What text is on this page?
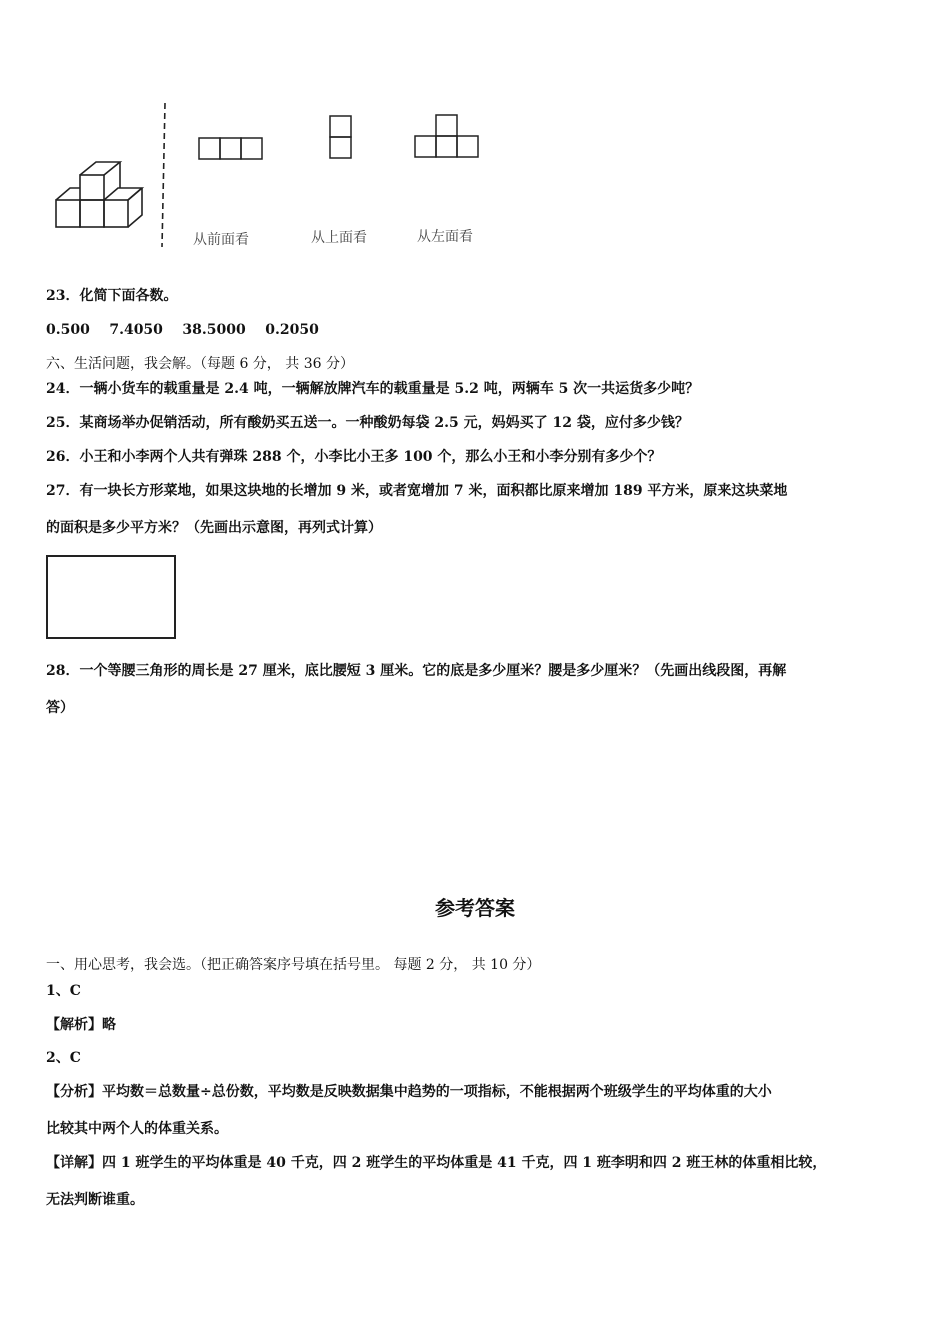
从前面看	从上面看	从左面看
23．化简下面各数。
0.500    7.4050    38.5000    0.2050
六、生活问题，我会解。（每题 6 分， 共 36 分）
24．一辆小货车的载重量是 2.4 吨，一辆解放牌汽车的载重量是 5.2 吨，两辆车 5 次一共运货多少吨？
25．某商场举办促销活动，所有酸奶买五送一。一种酸奶每袋 2.5 元，妈妈买了 12 袋，应付多少钱？
26．小王和小李两个人共有弹珠 288 个，小李比小王多 100 个，那么小王和小李分别有多少个？
27．有一块长方形菜地，如果这块地的长增加 9 米，或者宽增加 7 米，面积都比原来增加 189 平方米，原来这块菜地
的面积是多少平方米？（先画出示意图，再列式计算）
28．一个等腰三角形的周长是 27 厘米，底比腰短 3 厘米。它的底是多少厘米？腰是多少厘米？（先画出线段图，再解
答）
参考答案
一、用心思考，我会选。（把正确答案序号填在括号里。 每题 2 分， 共 10 分）
1、C
【解析】略
2、C
【分析】平均数＝总数量÷总份数，平均数是反映数据集中趋势的一项指标，不能根据两个班级学生的平均体重的大小
比较其中两个人的体重关系。
【详解】四 1 班学生的平均体重是 40 千克，四 2 班学生的平均体重是 41 千克，四 1 班李明和四 2 班王林的体重相比较，
无法判断谁重。
